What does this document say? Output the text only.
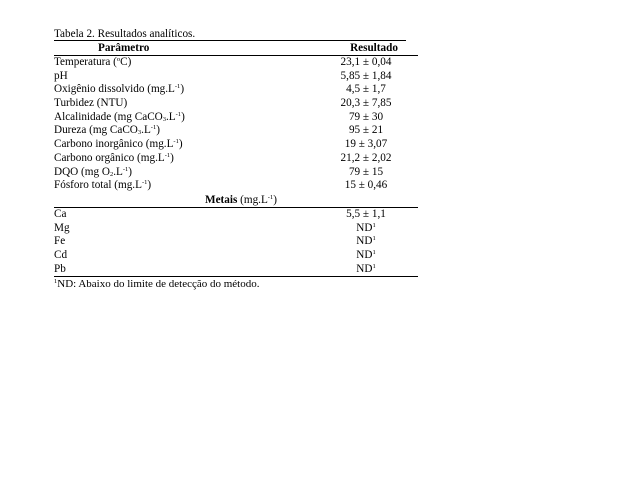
Tabela 2. Resultados analíticos.
Parâmetro	Resultado
Temperatura ($^o$C)	23,1 ± 0,04
pH	5,85 ± 1,84
Oxigênio dissolvido $(mg.L^{-1})$	4,5 ± 1,7
Turbidez (NTU)	20,3 ± 7,85
Alcalinidade (mg $CaCO_3.L^{-1}$)	79 ± 30
Dureza (mg $CaCO_3.L^{-1}$)	95 ± 21
Carbono inorgânico $(mg.L^{-1})$	19 ± 3,07
Carbono orgânico $(mg.L^{-1})$	21,2 ± 2,02
DQO (mg $O_2.L^{-1}$)	79 ± 15
Fósforo total $(mg.L^{-1})$	15 ± 0,46
Metais $(mg.L^{-1})$
Ca	5,5 ± 1,1
Mg	$ND^1$
Fe	$ND^1$
Cd	$ND^1$
Pb	$ND^1$
$^1$ND: Abaixo do limite de detecção do método.
